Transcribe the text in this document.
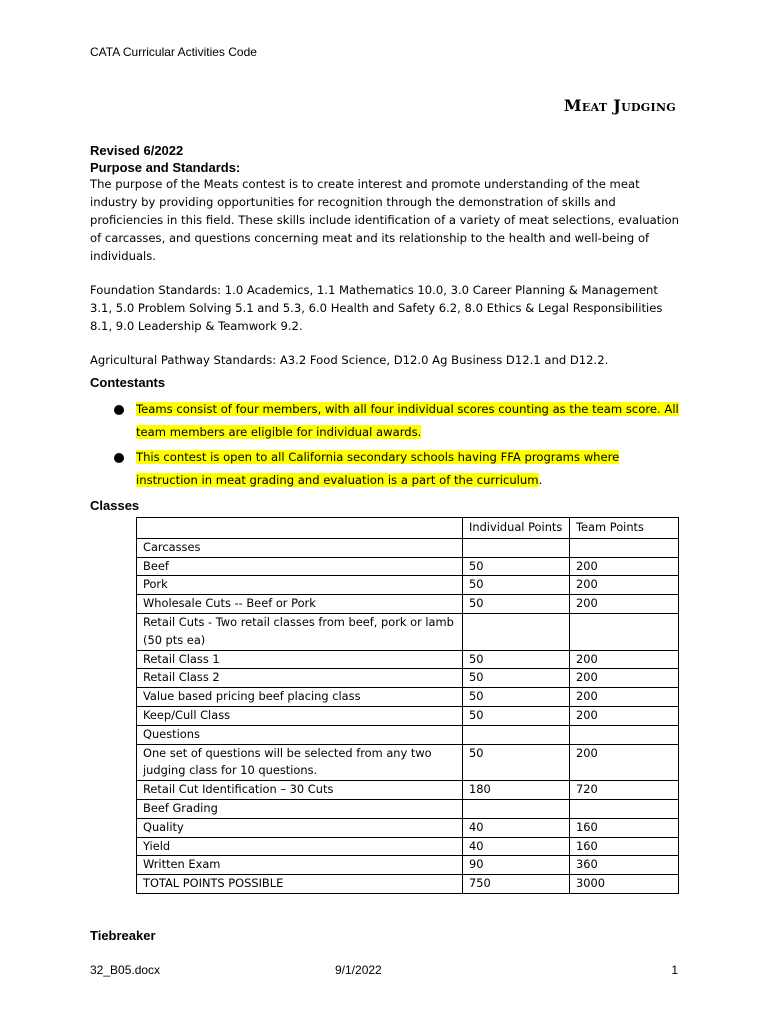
CATA Curricular Activities Code
Meat Judging

Revised 6/2022

Purpose and Standards:

The purpose of the Meats contest is to create interest and promote understanding of the meat industry by providing opportunities for recognition through the demonstration of skills and proficiencies in this field. These skills include identification of a variety of meat selections, evaluation of carcasses, and questions concerning meat and its relationship to the health and well-being of individuals.

Foundation Standards: 1.0 Academics, 1.1 Mathematics 10.0, 3.0 Career Planning & Management 3.1, 5.0 Problem Solving 5.1 and 5.3, 6.0 Health and Safety 6.2, 8.0 Ethics & Legal Responsibilities 8.1, 9.0 Leadership & Teamwork 9.2.

Agricultural Pathway Standards: A3.2 Food Science, D12.0 Ag Business D12.1 and D12.2.

Contestants

Teams consist of four members, with all four individual scores counting as the team score. All team members are eligible for individual awards.
This contest is open to all California secondary schools having FFA programs where instruction in meat grading and evaluation is a part of the curriculum.

Classes

	Individual Points	Team Points
Carcasses		
Beef	50	200
Pork	50	200
Wholesale Cuts -- Beef or Pork	50	200
Retail Cuts - Two retail classes from beef, pork or lamb (50 pts ea)		
Retail Class 1	50	200
Retail Class 2	50	200
Value based pricing beef placing class	50	200
Keep/Cull Class	50	200
Questions		
One set of questions will be selected from any two judging class for 10 questions.	50	200
Retail Cut Identification – 30 Cuts	180	720
Beef Grading		
Quality	40	160
Yield	40	160
Written Exam	90	360
TOTAL POINTS POSSIBLE	750	3000

Tiebreaker

32_B05.docx	9/1/2022	1
